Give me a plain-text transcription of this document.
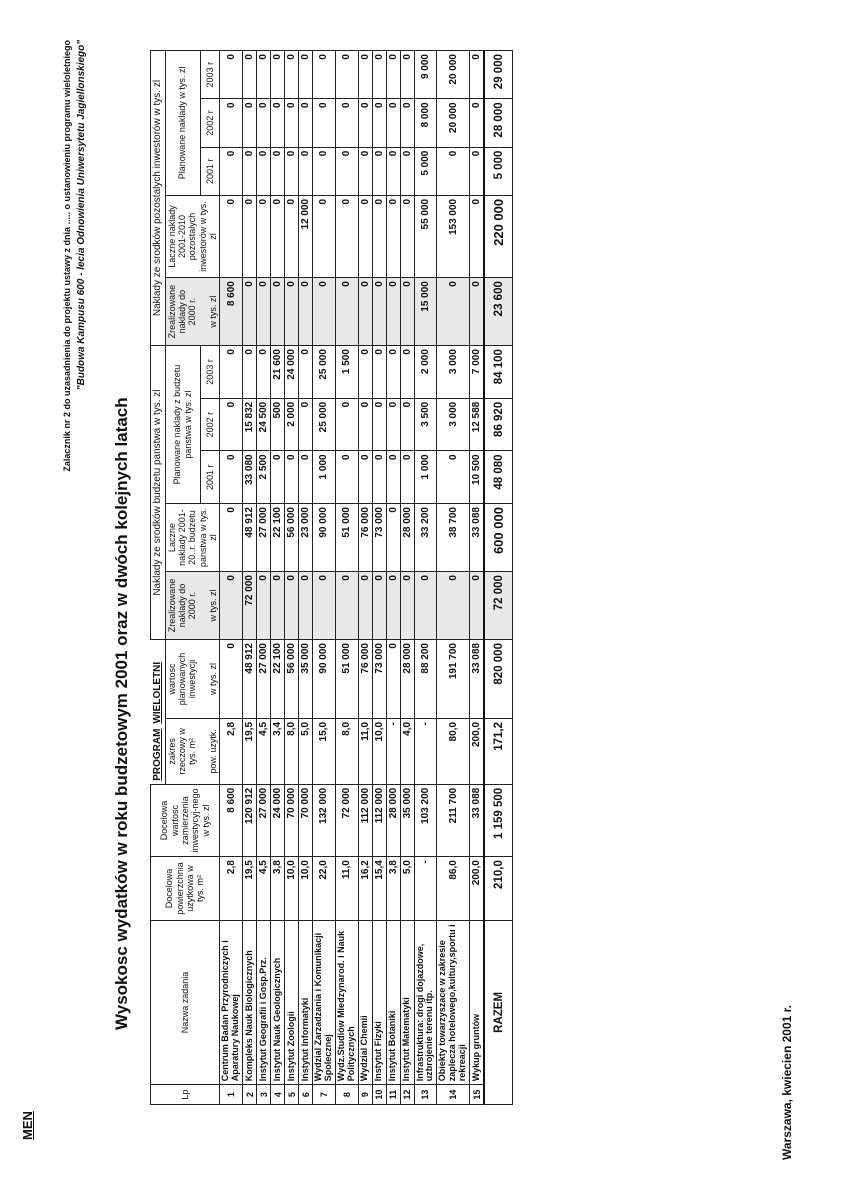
MEN
Zalacznik nr 2 do uzasadnienia do projektu ustawy z dnia ..... o ustanowieniu programu wieloletniego "Budowa Kampusu 600 - lecia Odnowienia Uniwersytetu Jagiellonskiego"
Wysokosc wydatków w roku budzetowym 2001 oraz w dwóch kolejnych latach
Lp	Nazwa zadania	Docelowa powierzchnia uzytkowa w tys. m²	Docelowa wartosc zamierzenia inwestycyj-nego w tys. zl	PROGRAM  WIELOLETNI		Naklady ze srodków budzetu panstwa w tys. zl					Naklady ze srodków pozostalych inwestorów w tys. zl				
				zakres rzeczowy w tys. m² pow. uzytk.	wartosc planowanych inwestycji w tys. zl	Zrealizowane naklady do 2000 r. w tys. zl	Laczne naklady 2001-20..r. budzetu panstwa w tys. zl	Planowane naklady z budzetu panstwa w tys. zl			Zrealizowane naklady do 2000 r. w tys. zl	Laczne naklady 2001-2010 pozostalych inwestorów w tys. zl	Planowane naklady w tys. zl		
								2001 r	2002 r	2003 r			2001 r	2002 r	2003 r
1	Centrum Badan Przyrodniczych i Aparatury Naukowej	2,8	8 600	2,8	0	0	0	0	0	0	8 600	0	0	0	0
2	Kompleks Nauk Biologicznych	19,5	120 912	19,5	48 912	72 000	48 912	33 080	15 832	0	0	0	0	0	0
3	Instytut Geografii i Gosp.Prz.	4,5	27 000	4,5	27 000	0	27 000	2 500	24 500	0	0	0	0	0	0
4	Instytut Nauk Geologicznych	3,8	24 000	3,4	22 100	0	22 100	0	500	21 600	0	0	0	0	0
5	Instytut Zoologii	10,0	70 000	8,0	56 000	0	56 000	0	2 000	24 000	0	0	0	0	0
6	Instytut Informatyki	10,0	70 000	5,0	35 000	0	23 000	0	0	0	0	12 000	0	0	0
7	Wydzial Zarzadzania i Komunikacji Spolecznej	22,0	132 000	15,0	90 000	0	90 000	1 000	25 000	25 000	0	0	0	0	0
8	Wydz.Studiów Miedzynarod. i Nauk Politycznych	11,0	72 000	8,0	51 000	0	51 000	0	0	1 500	0	0	0	0	0
9	Wydzial Chemii	16,2	112 000	11,0	76 000	0	76 000	0	0	0	0	0	0	0	0
10	Instytut Fizyki	15,4	112 000	10,0	73 000	0	73 000	0	0	0	0	0	0	0	0
11	Instytut Botaniki	3,8	28 000	-	0	0	0	0	0	0	0	0	0	0	0
12	Instytut Matematyki	5,0	35 000	4,0	28 000	0	28 000	0	0	0	0	0	0	0	0
13	Infrastruktura: drogi dojazdowe, uzbrojenie terenu itp.	-	103 200	-	88 200	0	33 200	1 000	3 500	2 000	15 000	55 000	5 000	8 000	9 000
14	Obiekty towarzyszace w zakresie zaplecza hotelowego,kultury,sportu i rekreacji	86,0	211 700	80,0	191 700	0	38 700	0	3 000	3 000	0	153 000	0	20 000	20 000
15	Wykup gruntów	200,0	33 088	200,0	33 088	0	33 088	10 500	12 588	7 000	0	0	0	0	0
RAZEM		210,0	1 159 500	171,2	820 000	72 000	600 000	48 080	86 920	84 100	23 600	220 000	5 000	28 000	29 000
Warszawa, kwiecien 2001 r.
